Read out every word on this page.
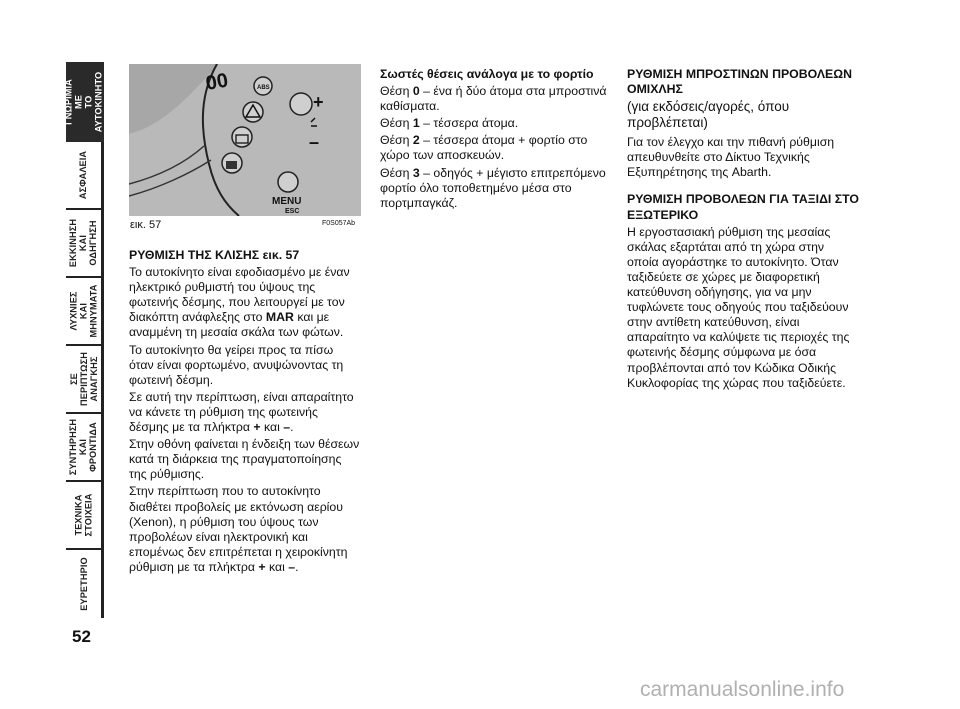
ΓΝΩΡΙΜΙΑ ΜΕ
ΤΟ
ΑΥΤΟΚΙΝΗΤΟ
ΑΣΦΑΛΕΙΑ
ΕΚΚΙΝΗΣΗ
ΚΑΙ
ΟΔΗΓΗΣΗ
ΛΥΧΝΙΕΣ
ΚΑΙ
ΜΗΝΥΜΑΤΑ
ΣΕ
ΠΕΡΙΠΤΩΣΗ
ΑΝΑΓΚΗΣ
ΣΥΝΤΗΡΗΣΗ
ΚΑΙ
ΦΡΟΝΤΙΔΑ
ΤΕΧΝΙΚΑ
ΣΤΟΙΧΕΙΑ
ΕΥΡΕΤΗΡΙΟ
52
00	ABS
MENU
ESC
+
–
εικ. 57	F0S057Ab

ΡΥΘΜΙΣΗ ΤΗΣ ΚΛΙΣΗΣ εικ. 57

Το αυτοκίνητο είναι εφοδιασμένο με έναν ηλεκτρικό ρυθμιστή του ύψους της φωτεινής δέσμης, που λειτουργεί με τον διακόπτη ανάφλεξης στο MAR και με αναμμένη τη μεσαία σκάλα των φώτων.

Το αυτοκίνητο θα γείρει προς τα πίσω όταν είναι φορτωμένο, ανυψώνοντας τη φωτεινή δέσμη.

Σε αυτή την περίπτωση, είναι απαραίτητο να κάνετε τη ρύθμιση της φωτεινής δέσμης με τα πλήκτρα + και –.

Στην οθόνη φαίνεται η ένδειξη των θέσεων κατά τη διάρκεια της πραγματοποίησης της ρύθμισης.

Στην περίπτωση που το αυτοκίνητο διαθέτει προβολείς με εκτόνωση αερίου (Xenon), η ρύθμιση του ύψους των προβολέων είναι ηλεκτρονική και επομένως δεν επιτρέπεται η χειροκίνητη ρύθμιση με τα πλήκτρα + και –.

Σωστές θέσεις ανάλογα με το φορτίο

Θέση 0 – ένα ή δύο άτομα στα μπροστινά καθίσματα.

Θέση 1 – τέσσερα άτομα.

Θέση 2 – τέσσερα άτομα + φορτίο στο χώρο των αποσκευών.

Θέση 3 – οδηγός + μέγιστο επιτρεπόμενο φορτίο όλο τοποθετημένο μέσα στο πορτμπαγκάζ.

ΡΥΘΜΙΣΗ ΜΠΡΟΣΤΙΝΩΝ ΠΡΟΒΟΛΕΩΝ ΟΜΙΧΛΗΣ

(για εκδόσεις/αγορές, όπου προβλέπεται)

Για τον έλεγχο και την πιθανή ρύθμιση απευθυνθείτε στο Δίκτυο Τεχνικής Εξυπηρέτησης της Abarth.

ΡΥΘΜΙΣΗ ΠΡΟΒΟΛΕΩΝ ΓΙΑ ΤΑΞΙΔΙ ΣΤΟ ΕΞΩΤΕΡΙΚΟ

Η εργοστασιακή ρύθμιση της μεσαίας σκάλας εξαρτάται από τη χώρα στην οποία αγοράστηκε το αυτοκίνητο. Όταν ταξιδεύετε σε χώρες με διαφορετική κατεύθυνση οδήγησης, για να μην τυφλώνετε τους οδηγούς που ταξιδεύουν στην αντίθετη κατεύθυνση, είναι απαραίτητο να καλύψετε τις περιοχές της φωτεινής δέσμης σύμφωνα με όσα προβλέπονται από τον Κώδικα Οδικής Κυκλοφορίας της χώρας που ταξιδεύετε.

carmanualsonline.info
